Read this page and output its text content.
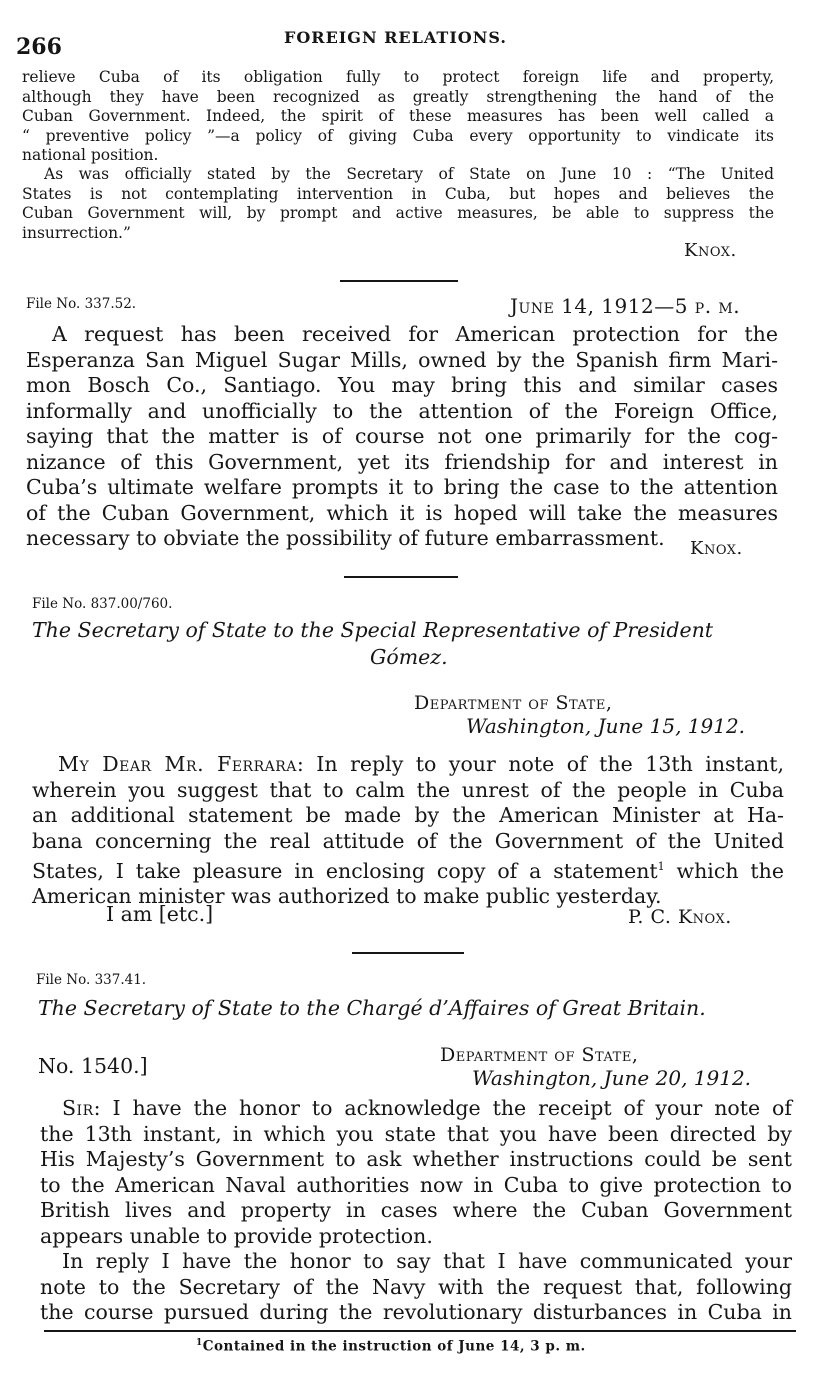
266	FOREIGN RELATIONS.
relieve Cuba of its obligation fully to protect foreign life and property,
although they have been recognized as greatly strengthening the hand of the
Cuban Government. Indeed, the spirit of these measures has been well called a
“ preventive policy ”—a policy of giving Cuba every opportunity to vindicate its
national position.
As was officially stated by the Secretary of State on June 10 : “The United
States is not contemplating intervention in Cuba, but hopes and believes the
Cuban Government will, by prompt and active measures, be able to suppress the
insurrection.”
Knox.
File No. 337.52.	June 14, 1912—5 p. m.
A request has been received for American protection for the
Esperanza San Miguel Sugar Mills, owned by the Spanish firm Mari-
mon Bosch Co., Santiago. You may bring this and similar cases
informally and unofficially to the attention of the Foreign Office,
saying that the matter is of course not one primarily for the cog-
nizance of this Government, yet its friendship for and interest in
Cuba’s ultimate welfare prompts it to bring the case to the attention
of the Cuban Government, which it is hoped will take the measures
necessary to obviate the possibility of future embarrassment.	Knox.
File No. 837.00/760.
The Secretary of State to the Special Representative of President
Gómez.
Department of State,
Washington, June 15, 1912.
My Dear Mr. Ferrara: In reply to your note of the 13th instant,
wherein you suggest that to calm the unrest of the people in Cuba
an additional statement be made by the American Minister at Ha-
bana concerning the real attitude of the Government of the United
States, I take pleasure in enclosing copy of a statement$^1$ which the
American minister was authorized to make public yesterday.
I am [etc.]	P. C. Knox.
File No. 337.41.
The Secretary of State to the Chargé d’Affaires of Great Britain.
Department of State,
No. 1540.]	Washington, June 20, 1912.
Sir: I have the honor to acknowledge the receipt of your note of
the 13th instant, in which you state that you have been directed by
His Majesty’s Government to ask whether instructions could be sent
to the American Naval authorities now in Cuba to give protection to
British lives and property in cases where the Cuban Government
appears unable to provide protection.
In reply I have the honor to say that I have communicated your
note to the Secretary of the Navy with the request that, following
the course pursued during the revolutionary disturbances in Cuba in
$^1$Contained in the instruction of June 14, 3 p. m.
